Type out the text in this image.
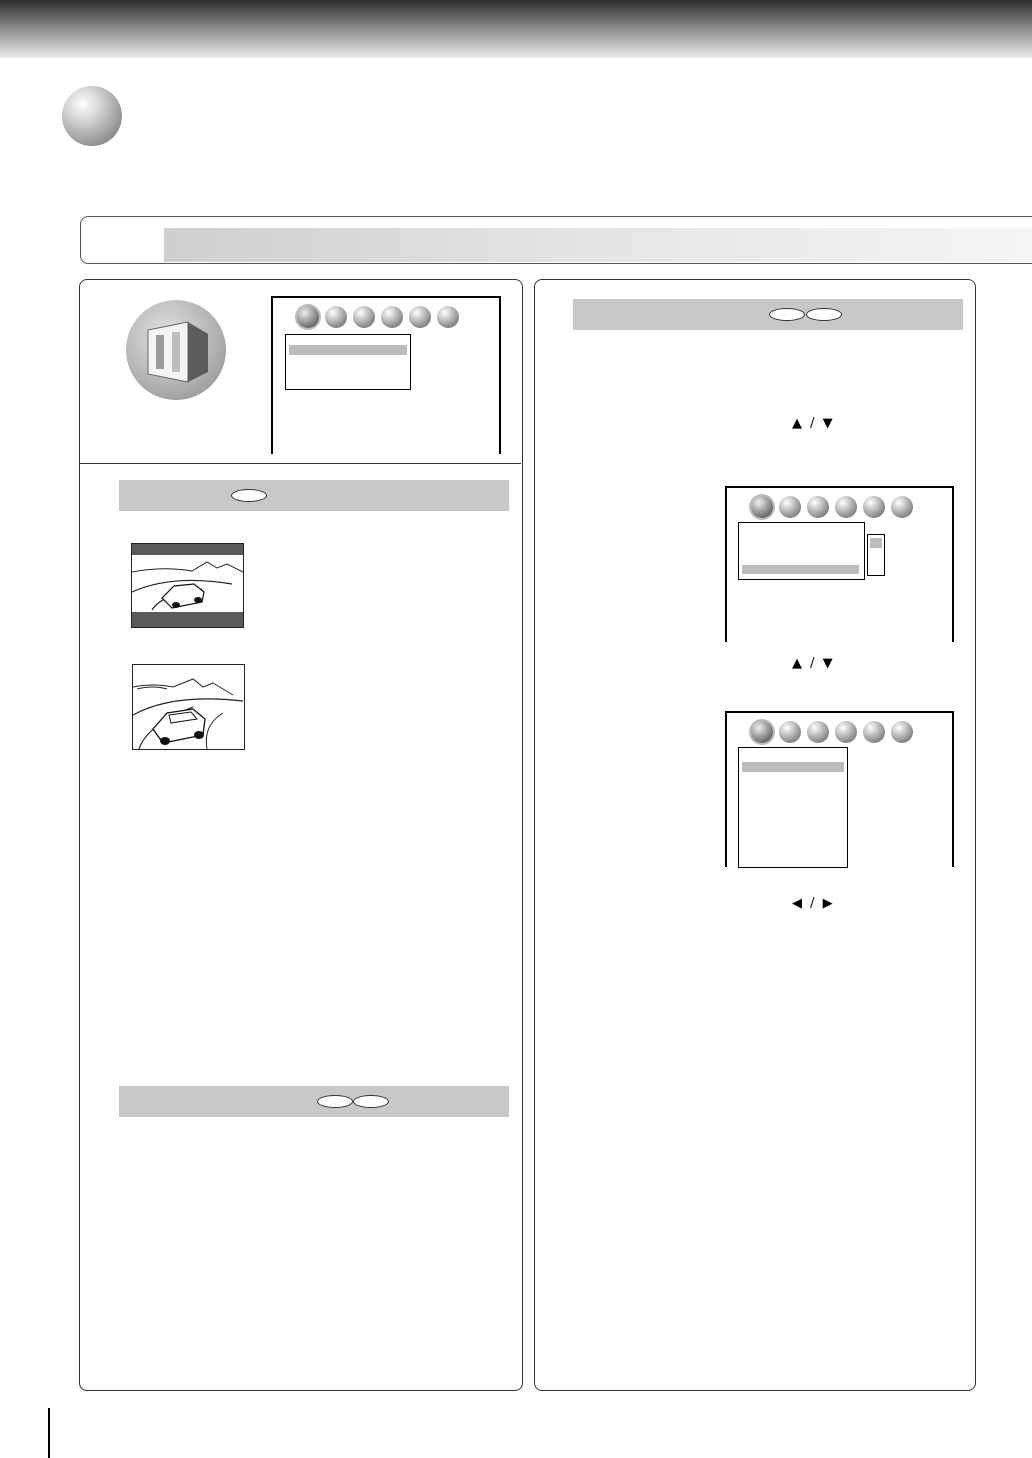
▲ / ▼
▲ / ▼
◀ / ▶
